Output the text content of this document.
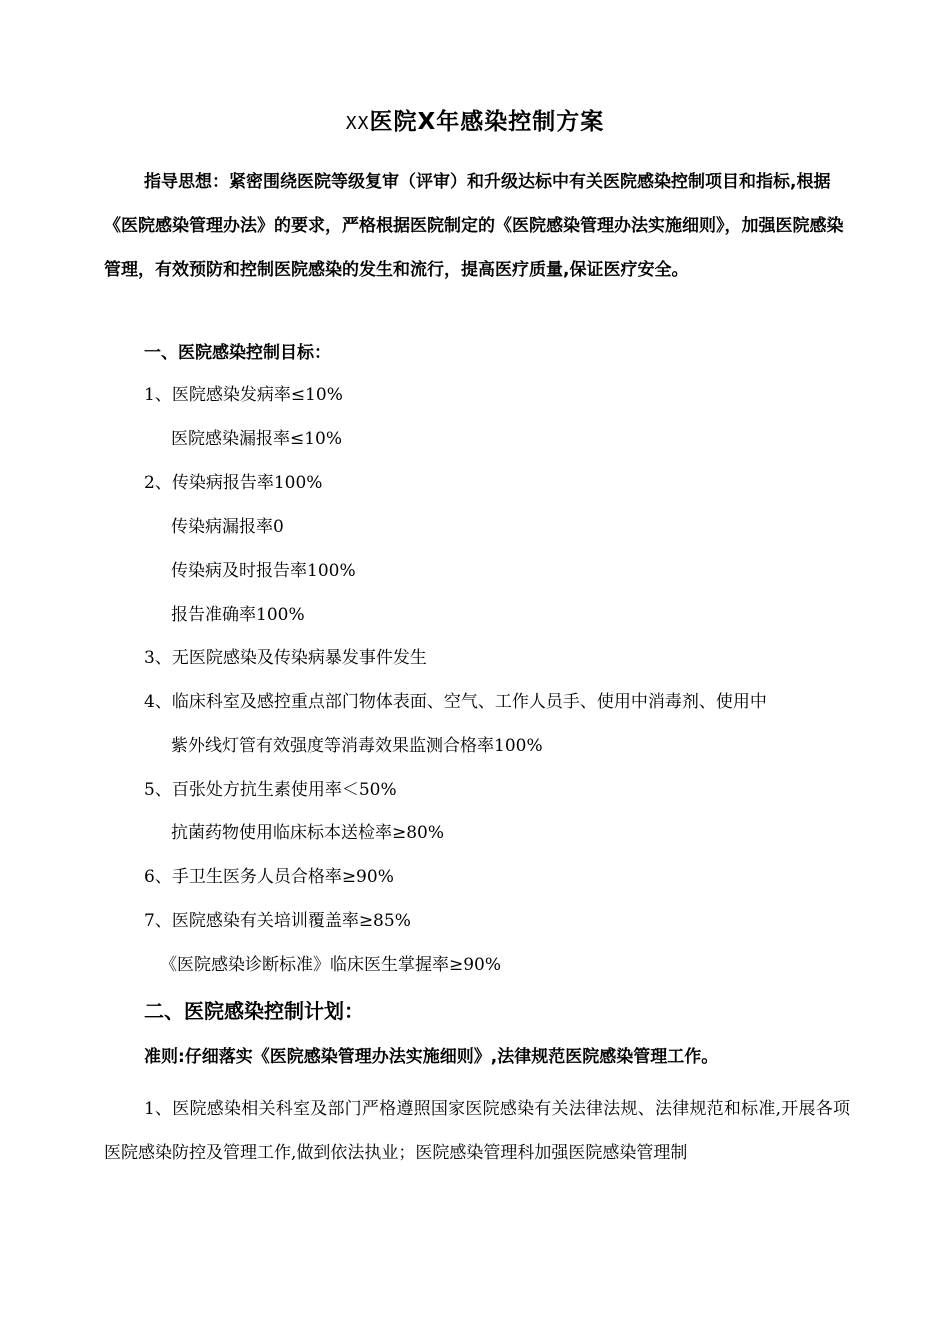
XX医院X年感染控制方案

指导思想：紧密围绕医院等级复审（评审）和升级达标中有关医院感染控制项目和指标,根据《医院感染管理办法》的要求，严格根据医院制定的《医院感染管理办法实施细则》，加强医院感染管理，有效预防和控制医院感染的发生和流行，提高医疗质量,保证医疗安全。

一、医院感染控制目标：

1、医院感染发病率≤10%

医院感染漏报率≤10%

2、传染病报告率100%

传染病漏报率0

传染病及时报告率100%

报告准确率100%

3、无医院感染及传染病暴发事件发生

4、临床科室及感控重点部门物体表面、空气、工作人员手、使用中消毒剂、使用中

紫外线灯管有效强度等消毒效果监测合格率100%

5、百张处方抗生素使用率＜50%

抗菌药物使用临床标本送检率≥80%

6、手卫生医务人员合格率≥90%

7、医院感染有关培训覆盖率≥85%

《医院感染诊断标准》临床医生掌握率≥90%

二、医院感染控制计划：

准则:仔细落实《医院感染管理办法实施细则》,法律规范医院感染管理工作。

1、医院感染相关科室及部门严格遵照国家医院感染有关法律法规、法律规范和标准,开展各项医院感染防控及管理工作,做到依法执业；医院感染管理科加强医院感染管理制
